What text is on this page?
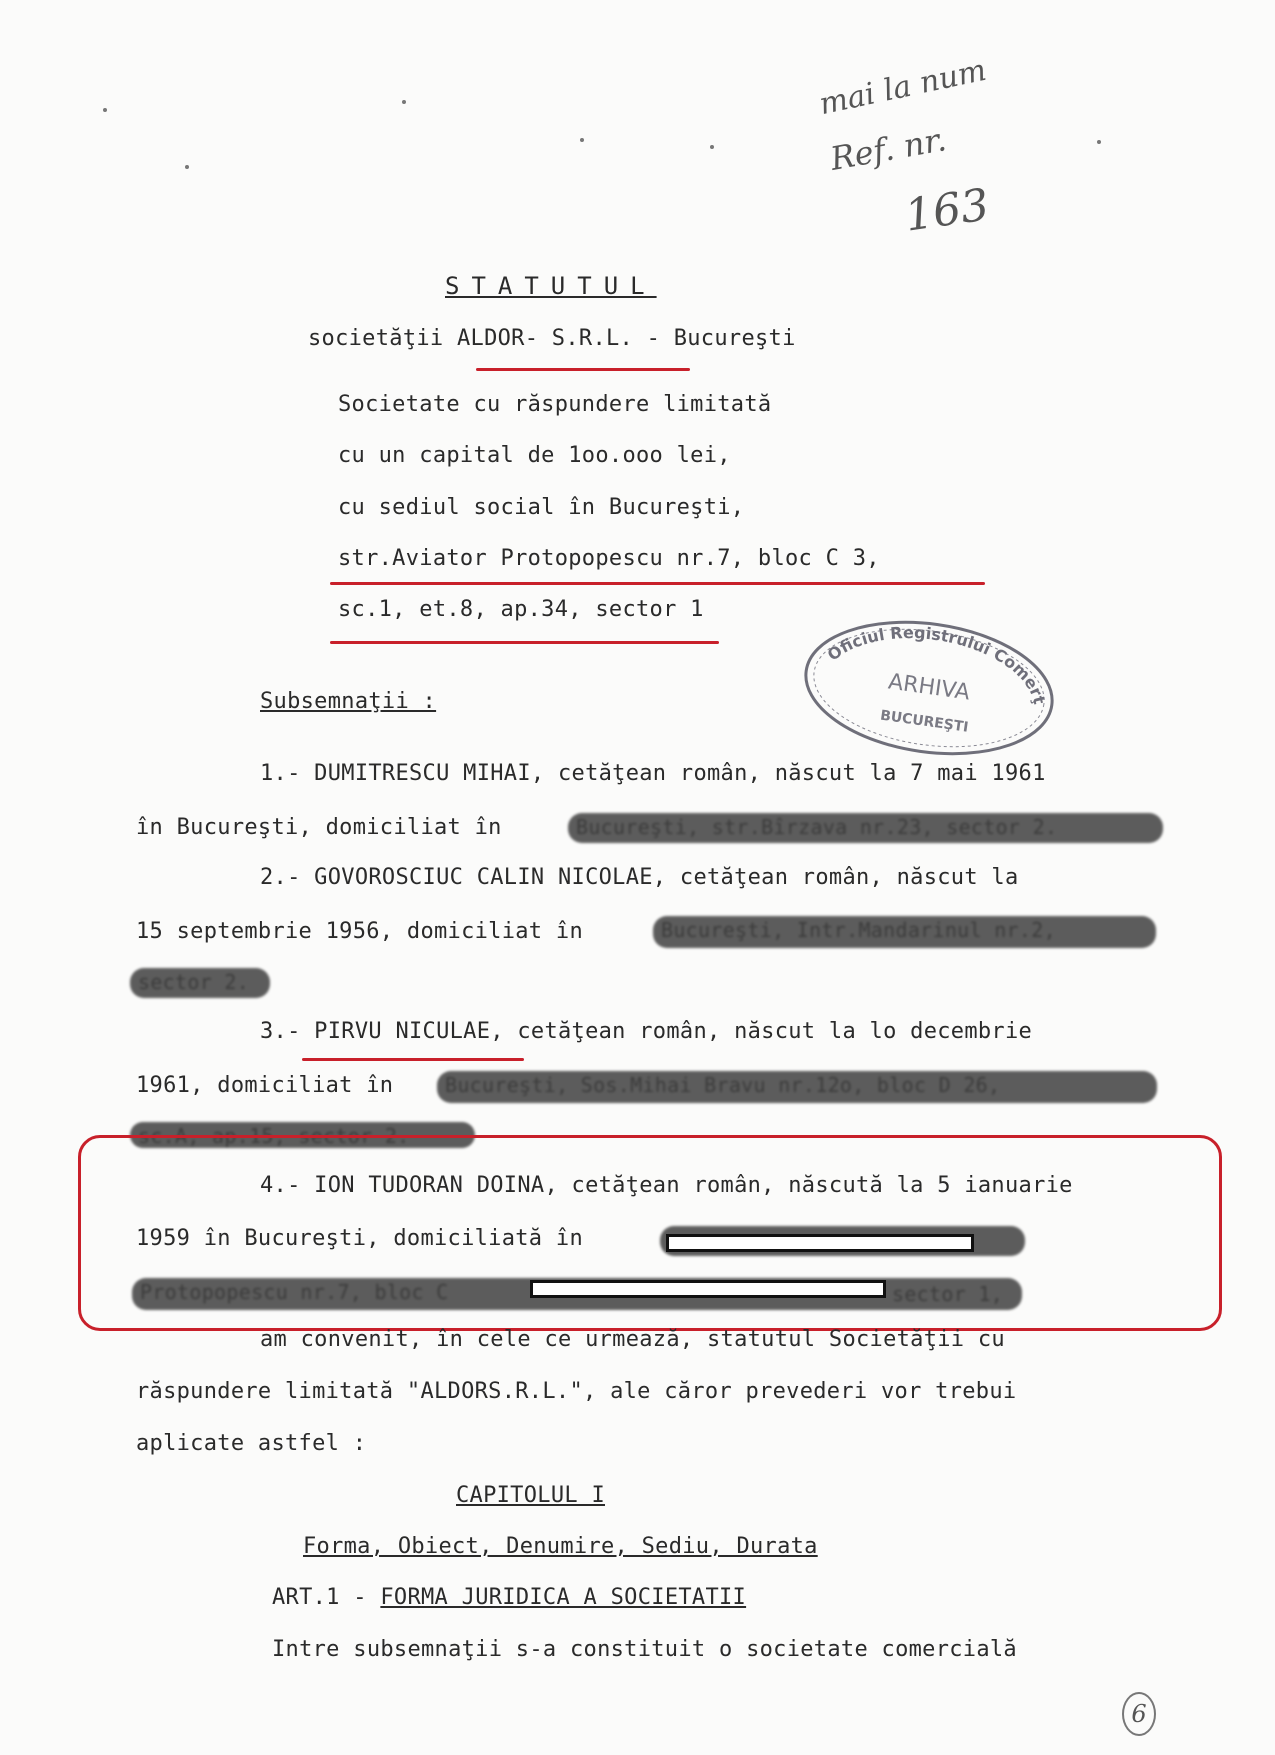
mai la num
Ref. nr.
163
STATUTUL
societăţii ALDOR- S.R.L. - Bucureşti
Societate cu răspundere limitată
cu un capital de 1oo.ooo lei,
cu sediul social în Bucureşti,
str.Aviator Protopopescu nr.7, bloc C 3,
sc.1, et.8, ap.34, sector 1
Oficiul Registrului Comerţului
ARHIVA
BUCUREŞTI
Subsemnaţii :
1.- DUMITRESCU MIHAI, cetăţean român, născut la 7 mai 1961
în Bucureşti, domiciliat în	Bucureşti, str.Bîrzava nr.23, sector 2.
2.- GOVOROSCIUC CALIN NICOLAE, cetăţean român, născut la
15 septembrie 1956, domiciliat în	Bucureşti, Intr.Mandarinul nr.2,
sector 2.
3.- PIRVU NICULAE, cetăţean român, născut la lo decembrie
1961, domiciliat în	Bucureşti, Sos.Mihai Bravu nr.12o, bloc D 26,
sc.A, ap.15, sector 2.
4.- ION TUDORAN DOINA, cetăţean român, născută la 5 ianuarie
1959 în Bucureşti, domiciliată în
Protopopescu nr.7, bloc C	sector 1,
am convenit, în cele ce urmează, statutul Societăţii cu
răspundere limitată "ALDORS.R.L.", ale căror prevederi vor trebui
aplicate astfel :
CAPITOLUL I
Forma, Obiect, Denumire, Sediu, Durata
ART.1 - FORMA JURIDICA A SOCIETATII
Intre subsemnaţii s-a constituit o societate comercială
6
